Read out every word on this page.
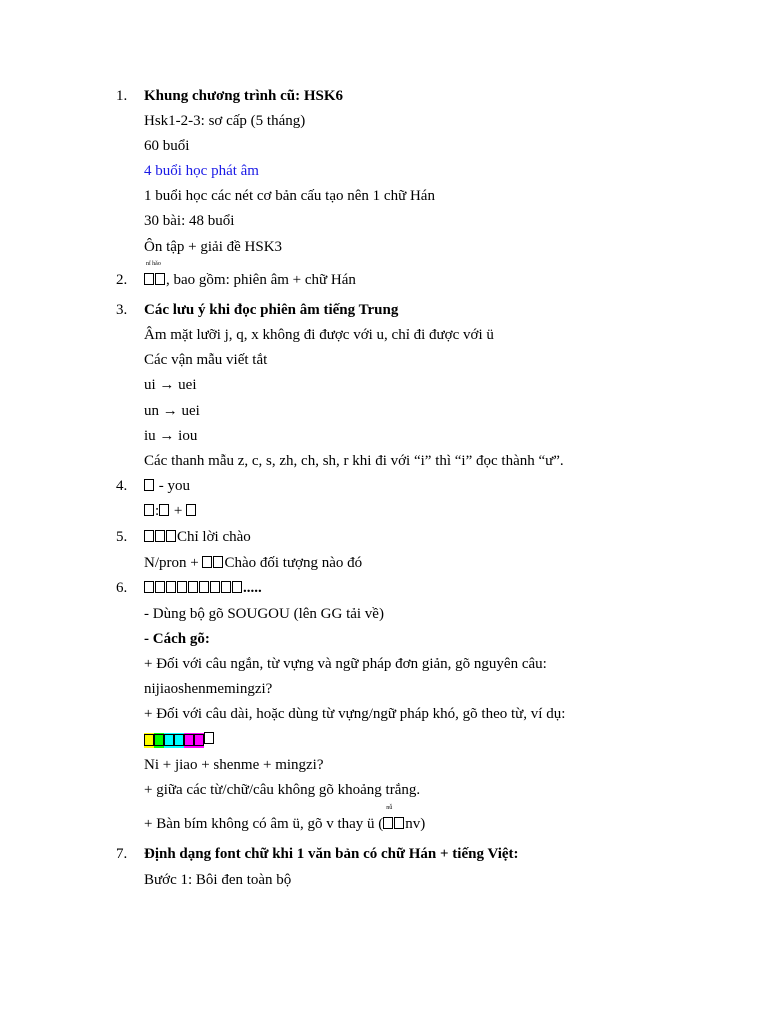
1. Khung chương trình cũ: HSK6
Hsk1-2-3: sơ cấp (5 tháng)
60 buổi
4 buổi học phát âm
1 buổi học các nét cơ bản cấu tạo nên 1 chữ Hán
30 bài: 48 buổi
Ôn tập + giải đề HSK3
2.
nǐ hǎo
, bao gồm: phiên âm + chữ Hán
3. Các lưu ý khi đọc phiên âm tiếng Trung
Âm mặt lưỡi j, q, x không đi được với u, chỉ đi được với ü
Các vận mẫu viết tắt
ui → uei
un → uei
iu → iou
Các thanh mẫu z, c, s, zh, ch, sh, r khi đi với “i” thì “i” đọc thành “ư”.
4.	- you
: +
5.	Chỉ lời chào
N/pron + Chào đối tượng nào đó
6.	.....
- Dùng bộ gõ SOUGOU (lên GG tải về)
- Cách gõ:
+ Đối với câu ngắn, từ vựng và ngữ pháp đơn giản, gõ nguyên câu:
nijiaoshenmemingzi?
+ Đối với câu dài, hoặc dùng từ vựng/ngữ pháp khó, gõ theo từ, ví dụ:
Ni + jiao + shenme + mingzi?
+ giữa các từ/chữ/câu không gõ khoảng trắng.
+ Bàn bím không có âm ü, gõ v thay ü (
nǚ
nv)
7. Định dạng font chữ khi 1 văn bản có chữ Hán + tiếng Việt:
Bước 1: Bôi đen toàn bộ
